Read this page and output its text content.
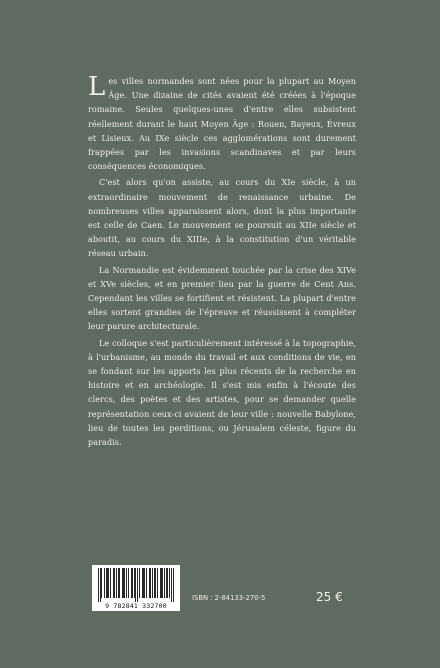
Les villes normandes sont nées pour la plupart au Moyen Âge. Une dizaine de cités avaient été créées à l'époque romaine. Seules quelques-unes d'entre elles subsistent réellement durant le haut Moyen Âge : Rouen, Bayeux, Évreux et Lisieux. Au IXe siècle ces agglomérations sont durement frappées par les invasions scandinaves et par leurs conséquences économiques.

C'est alors qu'on assiste, au cours du XIe siècle, à un extraordinaire mouvement de renaissance urbaine. De nombreuses villes apparaissent alors, dont la plus importante est celle de Caen. Le mouvement se poursuit au XIIe siècle et aboutit, au cours du XIIIe, à la constitution d'un véritable réseau urbain.

La Normandie est évidemment touchée par la crise des XIVe et XVe siècles, et en premier lieu par la guerre de Cent Ans. Cependant les villes se fortifient et résistent. La plupart d'entre elles sortent grandies de l'épreuve et réussissent à compléter leur parure architecturale.

Le colloque s'est particulièrement intéressé à la topographie, à l'urbanisme, au monde du travail et aux conditions de vie, en se fondant sur les apports les plus récents de la recherche en histoire et en archéologie. Il s'est mis enfin à l'écoute des clercs, des poètes et des artistes, pour se demander quelle représentation ceux-ci avaient de leur ville : nouvelle Babylone, lieu de toutes les perditions, ou Jérusalem céleste, figure du paradis.

9 782841 332700
ISBN : 2-84133-270-5	25 €
